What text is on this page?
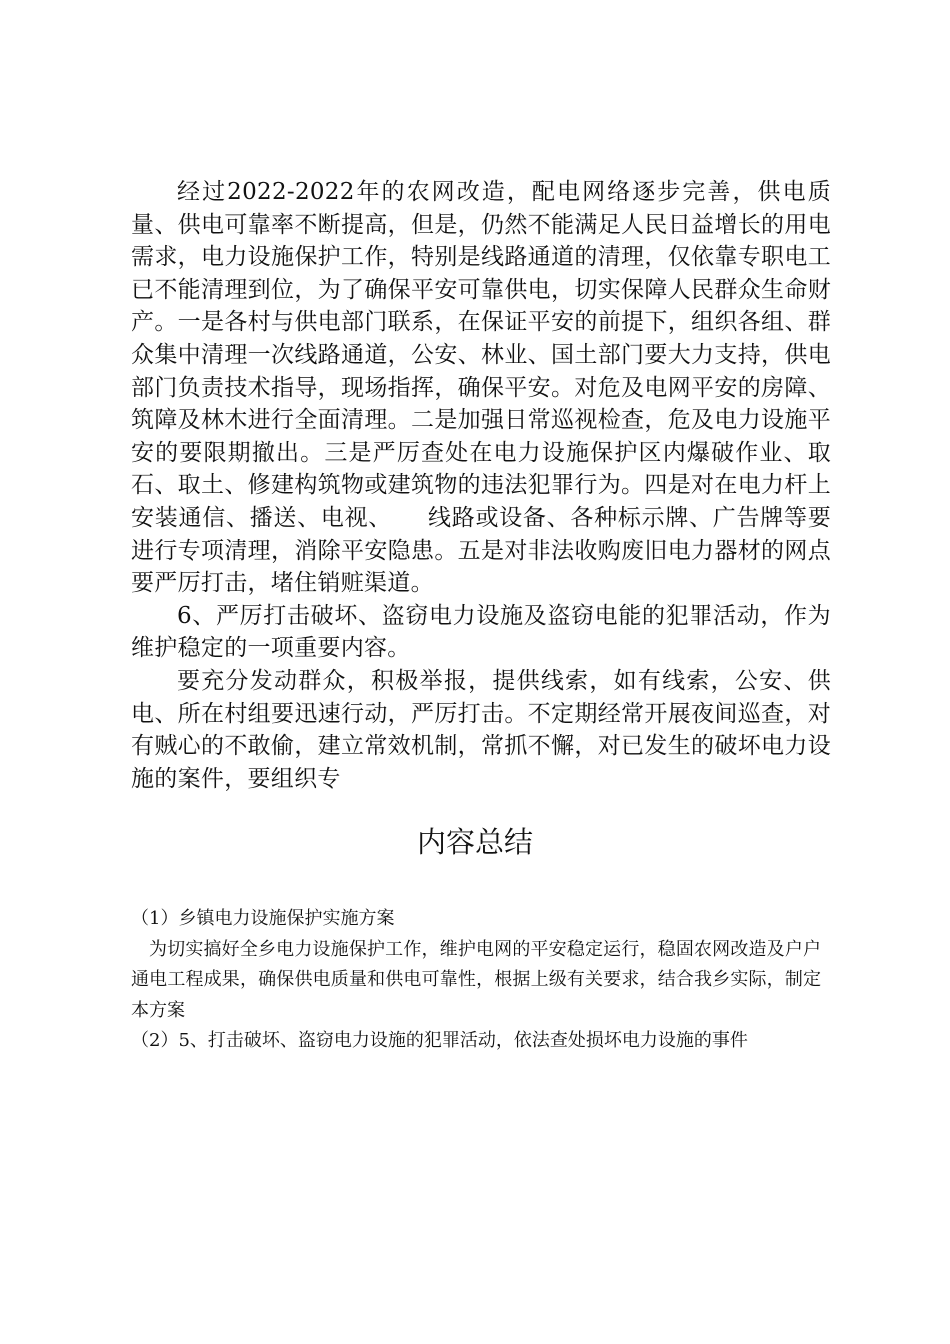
经过2022-2022年的农网改造，配电网络逐步完善，供电质量、供电可靠率不断提高，但是，仍然不能满足人民日益增长的用电需求，电力设施保护工作，特别是线路通道的清理，仅依靠专职电工已不能清理到位，为了确保平安可靠供电，切实保障人民群众生命财产。一是各村与供电部门联系，在保证平安的前提下，组织各组、群众集中清理一次线路通道，公安、林业、国土部门要大力支持，供电部门负责技术指导，现场指挥，确保平安。对危及电网平安的房障、筑障及林木进行全面清理。二是加强日常巡视检查，危及电力设施平安的要限期撤出。三是严厉查处在电力设施保护区内爆破作业、取石、取土、修建构筑物或建筑物的违法犯罪行为。四是对在电力杆上安装通信、播送、电视、　　线路或设备、各种标示牌、广告牌等要进行专项清理，消除平安隐患。五是对非法收购废旧电力器材的网点要严厉打击，堵住销赃渠道。

6、严厉打击破坏、盗窃电力设施及盗窃电能的犯罪活动，作为维护稳定的一项重要内容。

要充分发动群众，积极举报，提供线索，如有线索，公安、供电、所在村组要迅速行动，严厉打击。不定期经常开展夜间巡查，对有贼心的不敢偷，建立常效机制，常抓不懈，对已发生的破坏电力设施的案件，要组织专

内容总结

（1）乡镇电力设施保护实施方案

为切实搞好全乡电力设施保护工作，维护电网的平安稳定运行，稳固农网改造及户户通电工程成果，确保供电质量和供电可靠性，根据上级有关要求，结合我乡实际，制定本方案

（2）5、打击破坏、盗窃电力设施的犯罪活动，依法查处损坏电力设施的事件
